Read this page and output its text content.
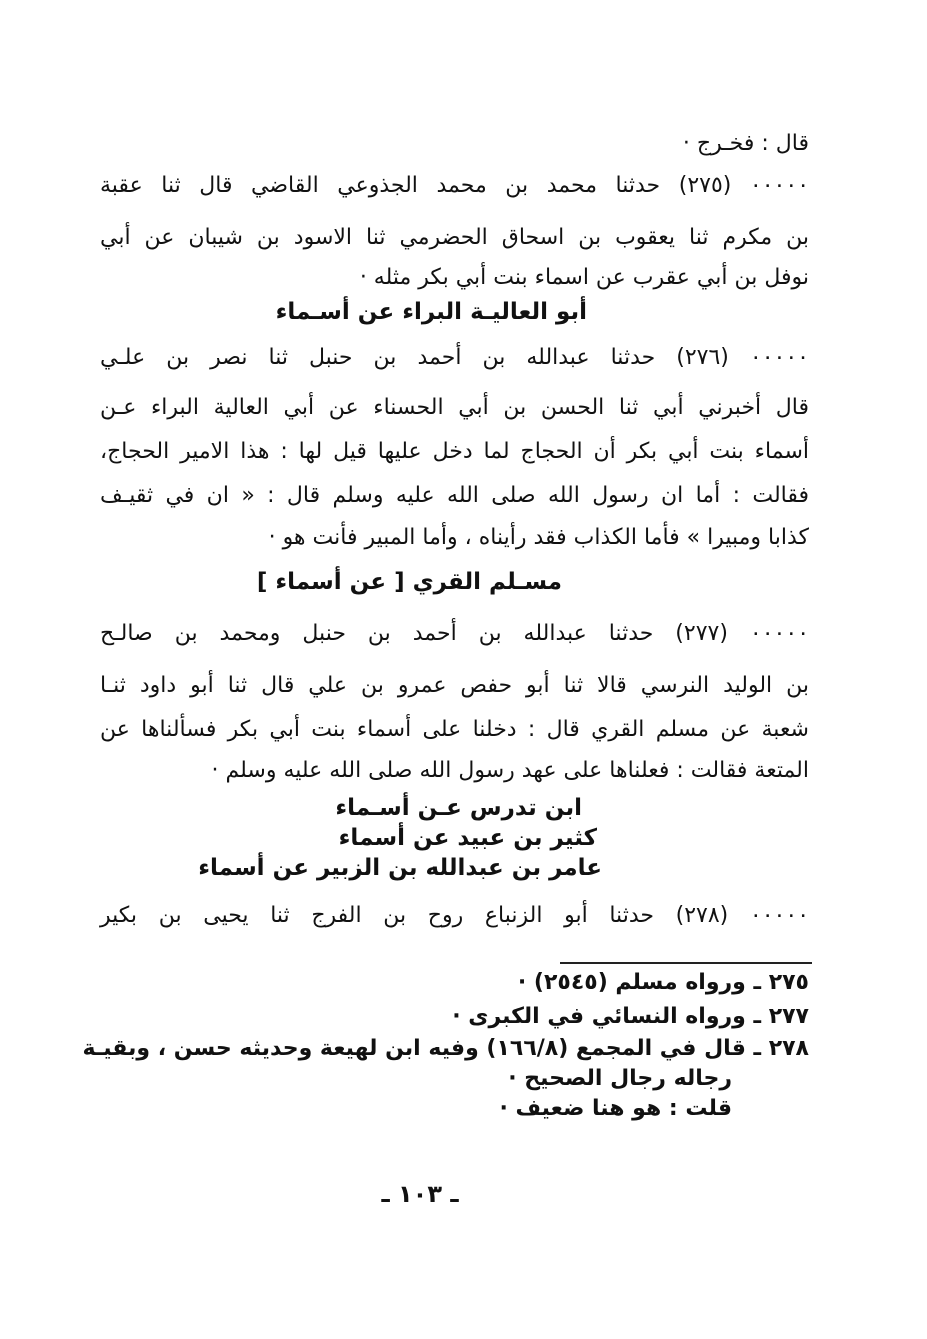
قال : فخـرج ·
٠٠٠٠٠ (٢٧٥) حدثنا محمد بن محمد الجذوعي القاضي قال ثنا عقبة
بن مكرم ثنا يعقوب بن اسحاق الحضرمي ثنا الاسود بن شيبان عن أبي
نوفل بن أبي عقرب عن اسماء بنت أبي بكر مثله ·
أبو العاليـة البراء عن أسـماء
٠٠٠٠٠ (٢٧٦) حدثنا عبدالله بن أحمد بن حنبل ثنا نصر بن علـي
قال أخبرني أبي ثنا الحسن بن أبي الحسناء عن أبي العالية البراء عـن
أسماء بنت أبي بكر أن الحجاج لما دخل عليها قيل لها : هذا الامير الحجاج،
فقالت : أما ان رسول الله صلى الله عليه وسلم قال : « ان في ثقيـف
كذابا ومبيرا » فأما الكذاب فقد رأيناه ، وأما المبير فأنت هو ·
مسـلم القري [ عن أسماء ]
٠٠٠٠٠ (٢٧٧) حدثنا عبدالله بن أحمد بن حنبل ومحمد بن صالـح
بن الوليد النرسي قالا ثنا أبو حفص عمرو بن علي قال ثنا أبو داود ثنـا
شعبة عن مسلم القري قال : دخلنا على أسماء بنت أبي بكر فسألناها عن
المتعة فقالت : فعلناها على عهد رسول الله صلى الله عليه وسلم ·
ابن تدرس عـن أسـماء
كثير بن عبيد عن أسماء
عامر بن عبدالله بن الزبير عن أسماء
٠٠٠٠٠ (٢٧٨) حدثنا أبو الزنباع روح بن الفرج ثنا يحيى بن بكير
٢٧٥ ـ ورواه مسلم (٢٥٤٥) ·
٢٧٧ ـ ورواه النسائي في الكبرى ·
٢٧٨ ـ قال في المجمع (١٦٦/٨) وفيه ابن لهيعة وحديثه حسن ، وبقيـة
رجاله رجال الصحيح ·
قلت : هو هنا ضعيف ·
ـ ١٠٣ ـ
